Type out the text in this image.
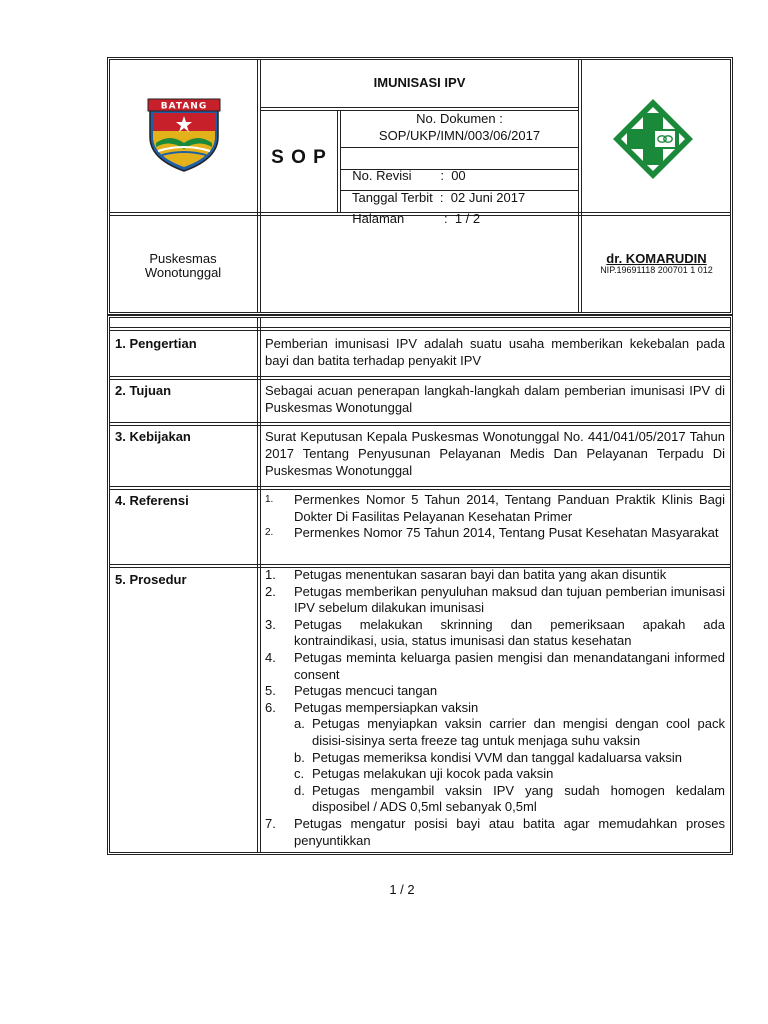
IMUNISASI IPV
S O P
No. Dokumen :
SOP/UKP/IMN/003/06/2017

No. Revisi        :  00

Tanggal Terbit  :  02 Juni 2017

Halaman           :  1 / 2

BATANG
Puskesmas
Wonotunggal
dr. KOMARUDIN
NIP.19691118 200701 1 012
1. Pengertian	Pemberian imunisasi IPV adalah suatu usaha memberikan kekebalan pada bayi dan batita terhadap penyakit IPV
2. Tujuan	Sebagai acuan penerapan langkah-langkah dalam pemberian imunisasi IPV di Puskesmas Wonotunggal
3. Kebijakan	Surat Keputusan Kepala Puskesmas Wonotunggal No. 441/041/05/2017 Tahun 2017 Tentang Penyusunan Pelayanan Medis Dan Pelayanan Terpadu Di Puskesmas Wonotunggal
4. Referensi	1. Permenkes Nomor 5 Tahun 2014, Tentang Panduan Praktik Klinis Bagi Dokter Di Fasilitas Pelayanan Kesehatan Primer
2. Permenkes Nomor 75 Tahun 2014, Tentang Pusat Kesehatan Masyarakat
5. Prosedur	1. Petugas menentukan sasaran bayi dan batita yang akan disuntik
2. Petugas memberikan penyuluhan maksud dan tujuan pemberian imunisasi IPV sebelum dilakukan imunisasi
3. Petugas melakukan skrinning dan pemeriksaan apakah ada kontraindikasi, usia, status imunisasi dan status kesehatan
4. Petugas meminta keluarga pasien mengisi dan menandatangani informed consent
5. Petugas mencuci tangan
6. Petugas mempersiapkan vaksin
a. Petugas menyiapkan vaksin carrier dan mengisi dengan cool pack disisi-sisinya serta freeze tag untuk menjaga suhu vaksin
b. Petugas memeriksa kondisi VVM dan tanggal kadaluarsa vaksin
c. Petugas melakukan uji kocok pada vaksin
d. Petugas mengambil vaksin IPV yang sudah homogen kedalam disposibel / ADS 0,5ml sebanyak 0,5ml
7. Petugas mengatur posisi bayi atau batita agar memudahkan proses penyuntikkan
1 / 2
